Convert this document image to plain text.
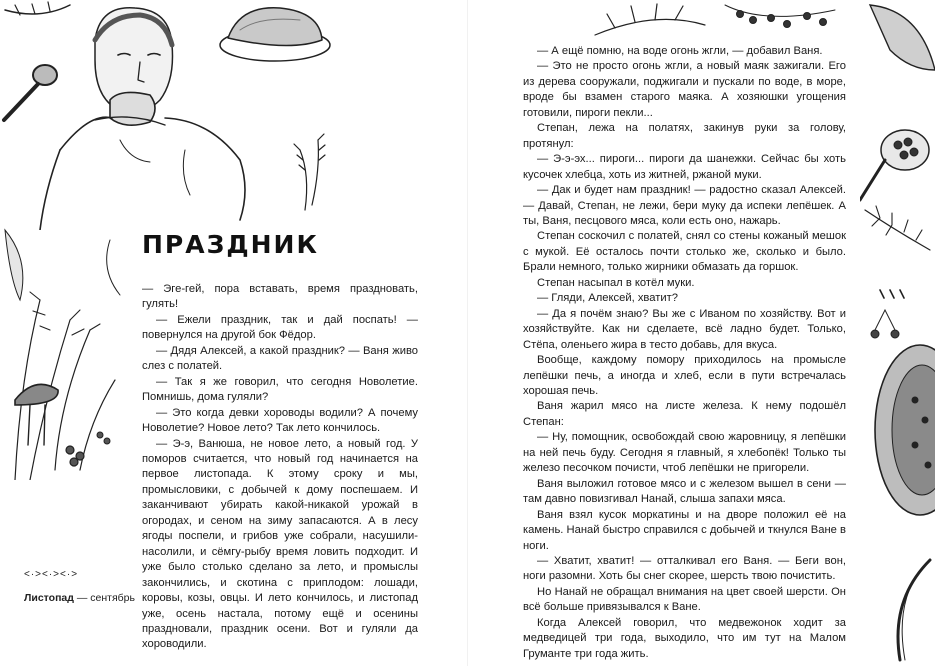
ПРАЗДНИК

— Эге-гей, пора вставать, время праздновать, гулять!

— Ежели праздник, так и дай поспать! — повернулся на другой бок Фёдор.

— Дядя Алексей, а какой праздник? — Ваня живо слез с полатей.

— Так я же говорил, что сегодня Новолетие. Помнишь, дома гуляли?

— Это когда девки хороводы водили? А почему Новолетие? Новое лето? Так лето кончилось.

— Э-э, Ванюша, не новое лето, а новый год. У поморов считается, что новый год начинается на первое листопада. К этому сроку и мы, промысловики, с добычей к дому поспешаем. И заканчивают убирать какой-никакой урожай в огородах, и сеном на зиму запасаются. А в лесу ягоды поспели, и грибов уже собрали, насушили-насолили, и сёмгу-рыбу время ловить подходит. И уже было столько сделано за лето, и промыслы закончились, и скотина с приплодом: лошади, коровы, козы, овцы. И лето кончилось, и листопад уже, осень настала, потому ещё и осенины праздновали, праздник осени. Вот и гуляли да хороводили.

<·><·><·>
Листопад — сентябрь

— А ещё помню, на воде огонь жгли, — добавил Ваня.

— Это не просто огонь жгли, а новый маяк зажигали. Его из дерева сооружали, поджигали и пускали по воде, в море, вроде бы взамен старого маяка. А хозяюшки угощения готовили, пироги пекли...

Степан, лежа на полатях, закинув руки за голову, протянул:

— Э-э-эх... пироги... пироги да шанежки. Сейчас бы хоть кусочек хлебца, хоть из житней, ржаной муки.

— Дак и будет нам праздник! — радостно сказал Алексей. — Давай, Степан, не лежи, бери муку да испеки лепёшек. А ты, Ваня, песцового мяса, коли есть оно, нажарь.

Степан соскочил с полатей, снял со стены кожаный мешок с мукой. Её осталось почти столько же, сколько и было. Брали немного, только жирники обмазать да горшок.

Степан насыпал в котёл муки.

— Гляди, Алексей, хватит?

— Да я почём знаю? Вы же с Иваном по хозяйству. Вот и хозяйствуйте. Как ни сделаете, всё ладно будет. Только, Стёпа, оленьего жира в тесто добавь, для вкуса.

Вообще, каждому помору приходилось на промысле лепёшки печь, а иногда и хлеб, если в пути встречалась хорошая печь.

Ваня жарил мясо на листе железа. К нему подошёл Степан:

— Ну, помощник, освобождай свою жаровницу, я лепёшки на ней печь буду. Сегодня я главный, я хлебопёк! Только ты железо песочком почисти, чтоб лепёшки не пригорели.

Ваня выложил готовое мясо и с железом вышел в сени — там давно повизгивал Нанай, слыша запахи мяса.

Ваня взял кусок моркатины и на дворе положил её на камень. Нанай быстро справился с добычей и ткнулся Ване в ноги.

— Хватит, хватит! — отталкивал его Ваня. — Беги вон, ноги разомни. Хоть бы снег скорее, шерсть твою почистить.

Но Нанай не обращал внимания на цвет своей шерсти. Он всё больше привязывался к Ване.

Когда Алексей говорил, что медвежонок ходит за медведицей три года, выходило, что им тут на Малом Груманте три года жить.
